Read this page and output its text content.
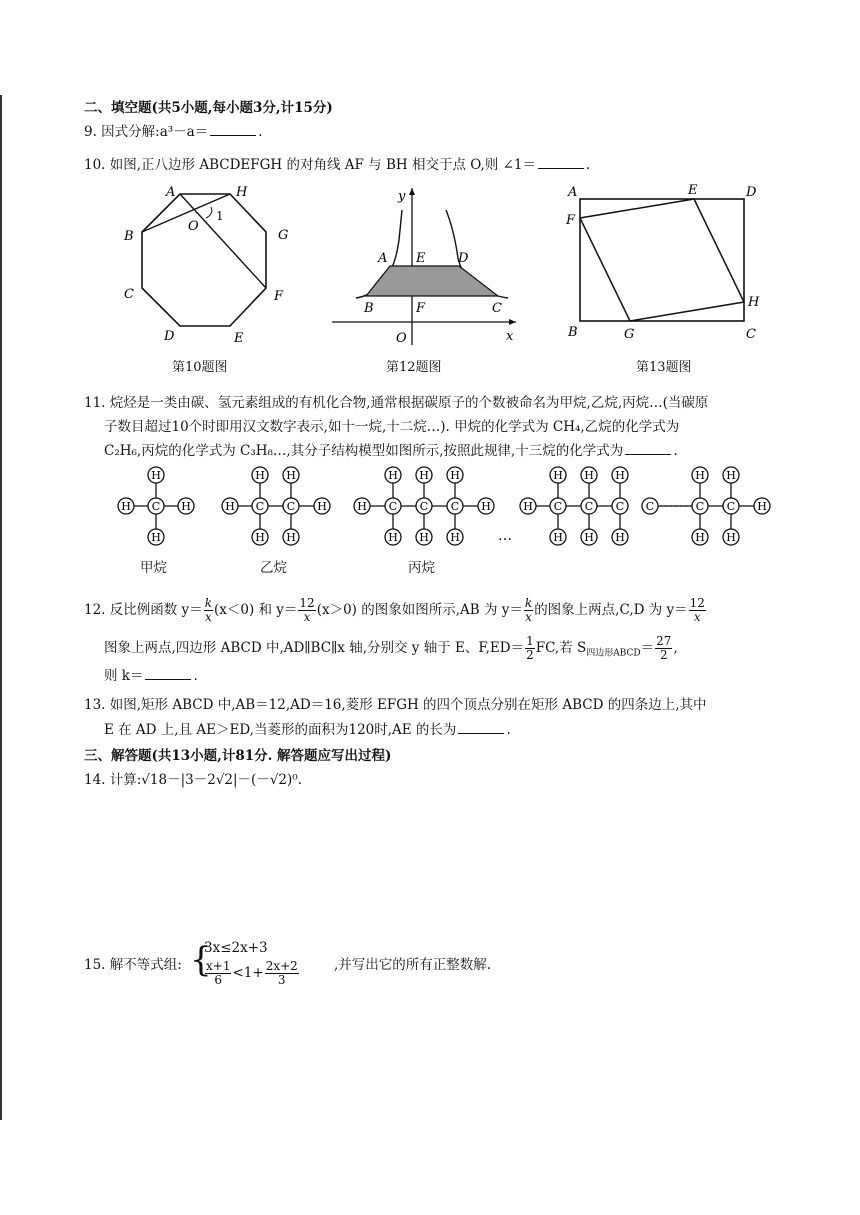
二、填空题(共5小题,每小题3分,计15分)
9. 因式分解:a³－a＝	.
10. 如图,正八边形 ABCDEFGH 的对角线 AF 与 BH 相交于点 O,则 ∠1＝	.
A	H
G
F
E
D
C
B
O
1
y
A E	D
B	F	C
O	x
A	E	D
F
H
B	G	C
第10题图	第12题图	第13题图
11. 烷烃是一类由碳、氢元素组成的有机化合物,通常根据碳原子的个数被命名为甲烷,乙烷,丙烷…(当碳原
子数目超过10个时即用汉文数字表示,如十一烷,十二烷…). 甲烷的化学式为 CH₄,乙烷的化学式为
C₂H₆,丙烷的化学式为 C₃H₈…,其分子结构模型如图所示,按照此规律,十三烷的化学式为	.
H	H
H
H
C	H	H
H
H
C
H
H
C	H	H
H
H
C
H
H
C
H
H
C
…
H	H
H
H
C
H
H
C
H
H
C
H
H
C
H
H
C
C
甲烷	乙烷	丙烷
12. 反比例函数 $y= \frac{k}{x} (x<0)$ 和 $y= \frac{12}{x} (x>0)$ 的图象如图所示,AB 为 $y= \frac{k}{x}$ 的图象上两点,C,D 为 $y= \frac{12}{x}$
图象上两点,四边形 ABCD 中,AD∥BC∥x 轴,分别交 y 轴于 E、$F,ED= \frac{1}{2}$ FC,若 $S_{四边形ABCD}= \frac{27}{2}$ ,
则 k＝	.
13. 如图,矩形 ABCD 中,AB＝12,AD＝16,菱形 EFGH 的四个顶点分别在矩形 ABCD 的四条边上,其中
E 在 AD 上,且 AE＞ED,当菱形的面积为120时,AE 的长为	.
三、解答题(共13小题,计81分. 解答题应写出过程)
14. 计算:√18－|3－2√2|－(－√2)⁰.
15. 解不等式组: {
3x≤2x+3
$\frac{x+1}{6} <1+ \frac{2x+2}{3}$	,并写出它的所有正整数解.
